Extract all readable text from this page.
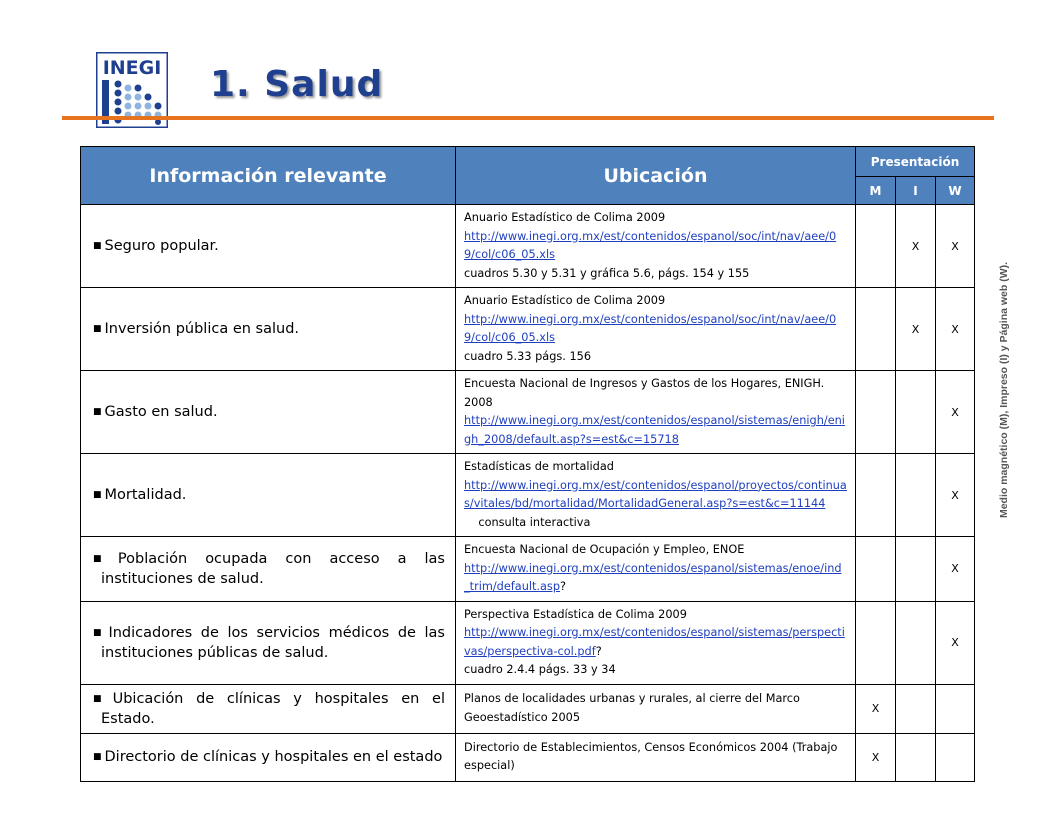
INEGI 1. Salud
Información relevante	Ubicación	Presentación		
		M	I	W
■ Seguro popular.	Anuario Estadístico de Colima 2009
http://www.inegi.org.mx/est/contenidos/espanol/soc/int/nav/aee/09/col/c06_05.xls
cuadros 5.30 y 5.31 y gráfica 5.6, págs. 154 y 155		X	X
■ Inversión pública en salud.	Anuario Estadístico de Colima 2009
http://www.inegi.org.mx/est/contenidos/espanol/soc/int/nav/aee/09/col/c06_05.xls
cuadro 5.33 págs. 156		X	X
■ Gasto en salud.	Encuesta Nacional de Ingresos y Gastos de los Hogares, ENIGH. 2008
http://www.inegi.org.mx/est/contenidos/espanol/sistemas/enigh/enigh_2008/default.asp?s=est&c=15718			X
■ Mortalidad.	Estadísticas de mortalidad
http://www.inegi.org.mx/est/contenidos/espanol/proyectos/continuas/vitales/bd/mortalidad/MortalidadGeneral.asp?s=est&c=11144    consulta interactiva			X
■ Población ocupada con acceso a las instituciones de salud.	Encuesta Nacional de Ocupación y Empleo, ENOE
http://www.inegi.org.mx/est/contenidos/espanol/sistemas/enoe/ind_trim/default.asp?			X
■ Indicadores de los servicios médicos de las instituciones públicas de salud.	Perspectiva Estadística de Colima 2009
http://www.inegi.org.mx/est/contenidos/espanol/sistemas/perspectivas/perspectiva-col.pdf?
cuadro 2.4.4 págs. 33 y 34			X
■ Ubicación de clínicas y hospitales en el Estado.	Planos de localidades urbanas y rurales, al cierre del Marco Geoestadístico 2005	X		
■ Directorio de clínicas y hospitales en el estado	Directorio de Establecimientos, Censos Económicos 2004 (Trabajo especial)	X		
Medio magnético (M), Impreso (I) y Página web (W).
